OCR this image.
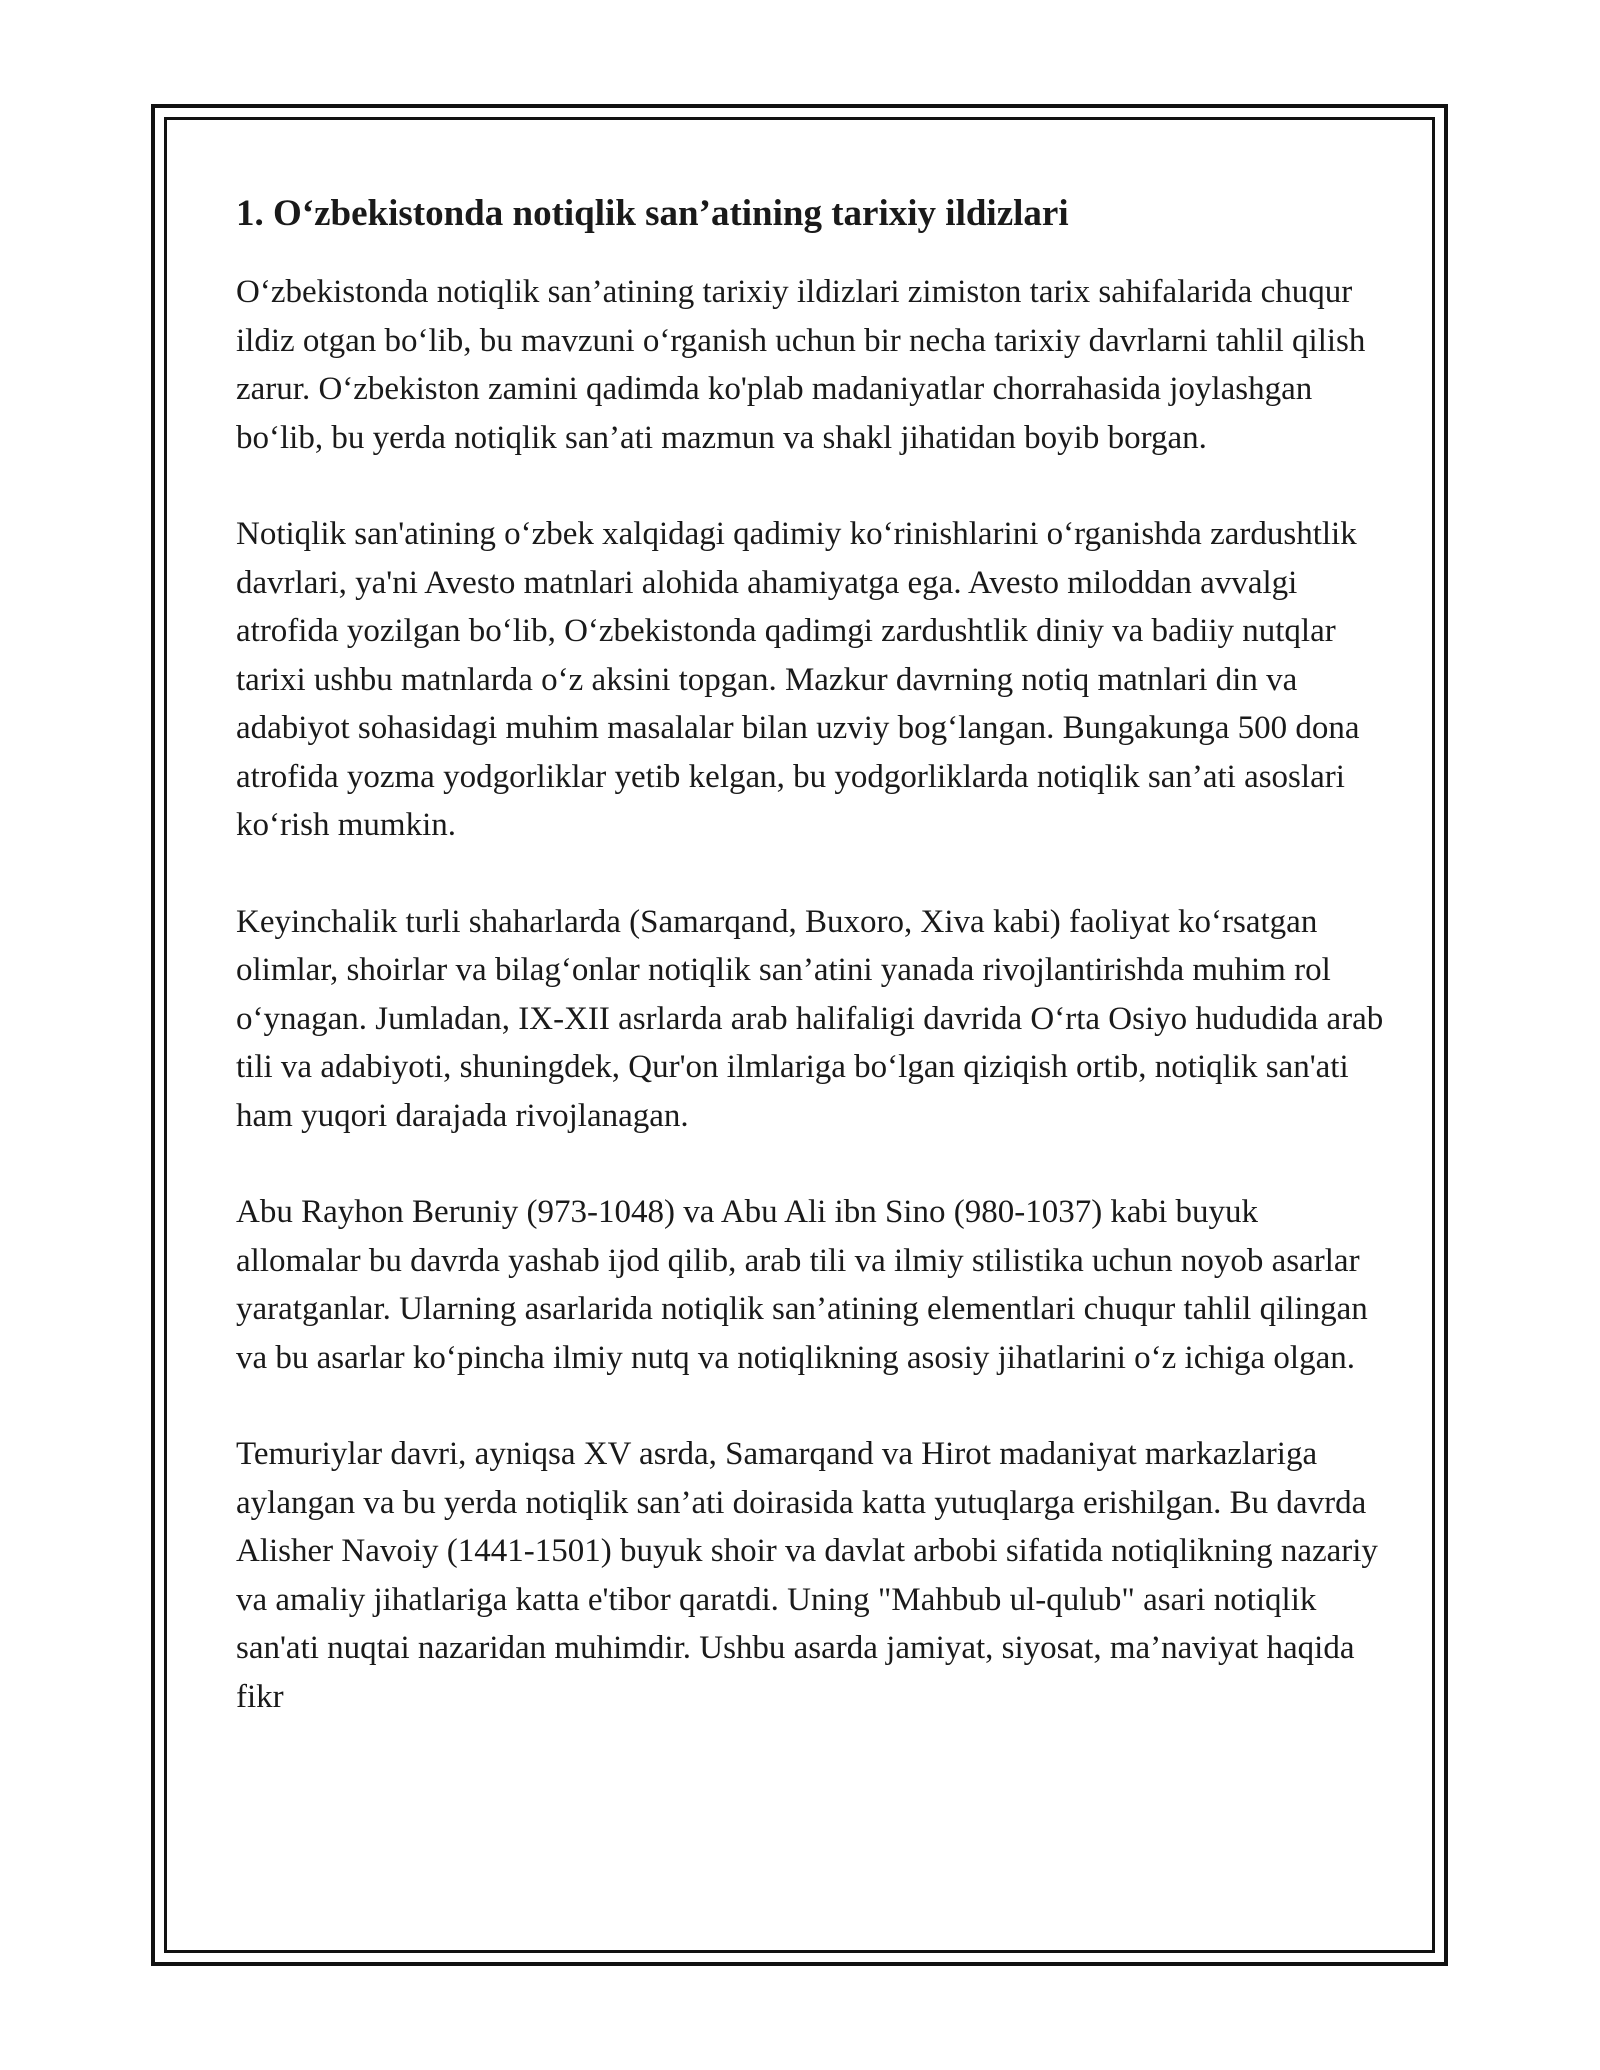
1. O‘zbekistonda notiqlik san’atining tarixiy ildizlari

O‘zbekistonda notiqlik san’atining tarixiy ildizlari zimiston tarix sahifalarida chuqur ildiz otgan bo‘lib, bu mavzuni o‘rganish uchun bir necha tarixiy davrlarni tahlil qilish zarur. O‘zbekiston zamini qadimda ko'plab madaniyatlar chorrahasida joylashgan bo‘lib, bu yerda notiqlik san’ati mazmun va shakl jihatidan boyib borgan.

Notiqlik san'atining o‘zbek xalqidagi qadimiy ko‘rinishlarini o‘rganishda zardushtlik davrlari, ya'ni Avesto matnlari alohida ahamiyatga ega. Avesto miloddan avvalgi atrofida yozilgan bo‘lib, O‘zbekistonda qadimgi zardushtlik diniy va badiiy nutqlar tarixi ushbu matnlarda o‘z aksini topgan. Mazkur davrning notiq matnlari din va adabiyot sohasidagi muhim masalalar bilan uzviy bog‘langan. Bungakunga 500 dona atrofida yozma yodgorliklar yetib kelgan, bu yodgorliklarda notiqlik san’ati asoslari ko‘rish mumkin.

Keyinchalik turli shaharlarda (Samarqand, Buxoro, Xiva kabi) faoliyat ko‘rsatgan olimlar, shoirlar va bilag‘onlar notiqlik san’atini yanada rivojlantirishda muhim rol o‘ynagan. Jumladan, IX-XII asrlarda arab halifaligi davrida O‘rta Osiyo hududida arab tili va adabiyoti, shuningdek, Qur'on ilmlariga bo‘lgan qiziqish ortib, notiqlik san'ati ham yuqori darajada rivojlanagan.

Abu Rayhon Beruniy (973-1048) va Abu Ali ibn Sino (980-1037) kabi buyuk allomalar bu davrda yashab ijod qilib, arab tili va ilmiy stilistika uchun noyob asarlar yaratganlar. Ularning asarlarida notiqlik san’atining elementlari chuqur tahlil qilingan va bu asarlar ko‘pincha ilmiy nutq va notiqlikning asosiy jihatlarini o‘z ichiga olgan.

Temuriylar davri, ayniqsa XV asrda, Samarqand va Hirot madaniyat markazlariga aylangan va bu yerda notiqlik san’ati doirasida katta yutuqlarga erishilgan. Bu davrda Alisher Navoiy (1441-1501) buyuk shoir va davlat arbobi sifatida notiqlikning nazariy va amaliy jihatlariga katta e'tibor qaratdi. Uning "Mahbub ul-qulub" asari notiqlik san'ati nuqtai nazaridan muhimdir. Ushbu asarda jamiyat, siyosat, ma’naviyat haqida fikr
